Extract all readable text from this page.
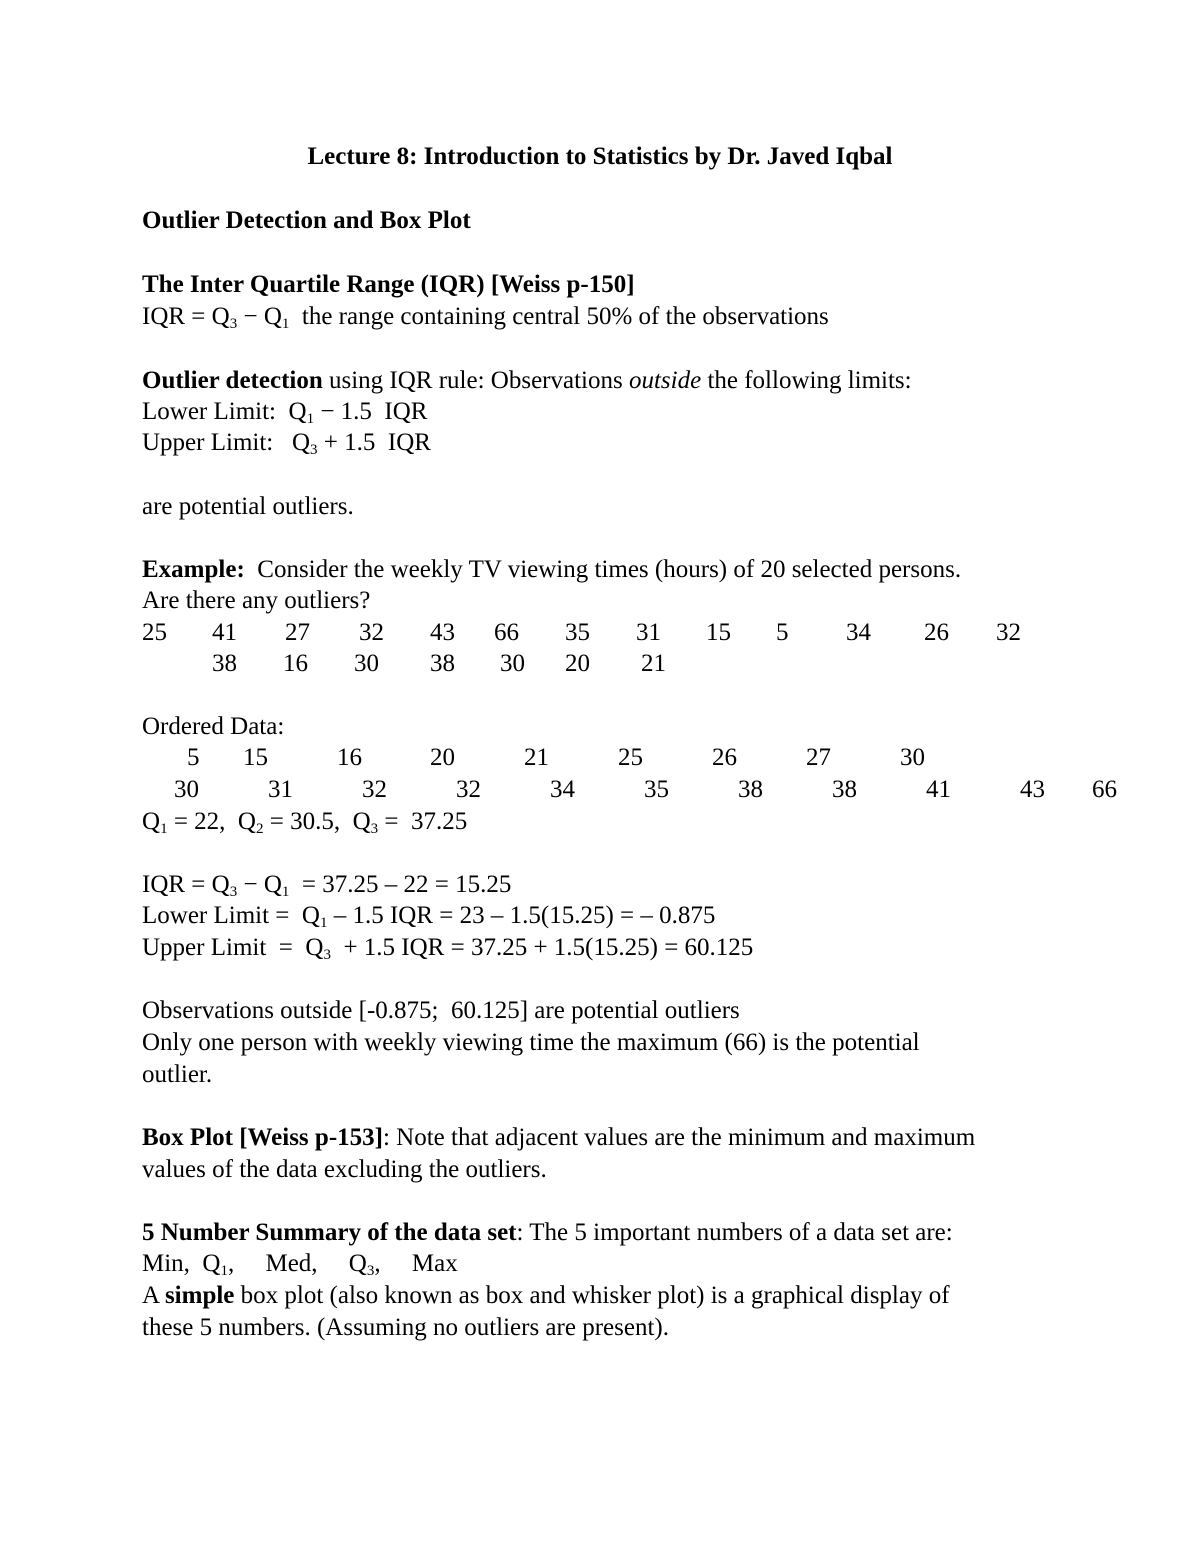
Lecture 8: Introduction to Statistics by Dr. Javed Iqbal
Outlier Detection and Box Plot
The Inter Quartile Range (IQR) [Weiss p-150]
IQR = $Q_3 - Q_1$  the range containing central 50% of the observations
Outlier detection using IQR rule: Observations outside the following limits:
Lower Limit:  $Q_1 - 1.5$  IQR
Upper Limit:   $Q_3 + 1.5$  IQR
are potential outliers.
Example:  Consider the weekly TV viewing times (hours) of 20 selected persons.
Are there any outliers?
25 41 27 32 43 66 35 31 15 5 34 26 32
38 16 30 38 30 20 21
Ordered Data:
5 15	16	20	21	25	26	27	30
30	31	32	32	34	35	38	38	41	43 66
$Q_1 = 22$,  $Q_2 = 30.5$,  $Q_3 = 37.25$
IQR = $Q_3 - Q_1 = 37.25 - 22 = 15.25$
Lower Limit =  $Q_1 - 1.5$ IQR = 23 – 1.5(15.25) = – 0.875
Upper Limit  =  $Q_3 + 1.5$ IQR = 37.25 + 1.5(15.25) = 60.125
Observations outside [-0.875;  60.125] are potential outliers
Only one person with weekly viewing time the maximum (66) is the potential
outlier.
Box Plot [Weiss p-153]: Note that adjacent values are the minimum and maximum
values of the data excluding the outliers.
5 Number Summary of the data set: The 5 important numbers of a data set are:
Min,  $Q_1$,     Med,     $Q_3$,     Max
A simple box plot (also known as box and whisker plot) is a graphical display of
these 5 numbers. (Assuming no outliers are present).
